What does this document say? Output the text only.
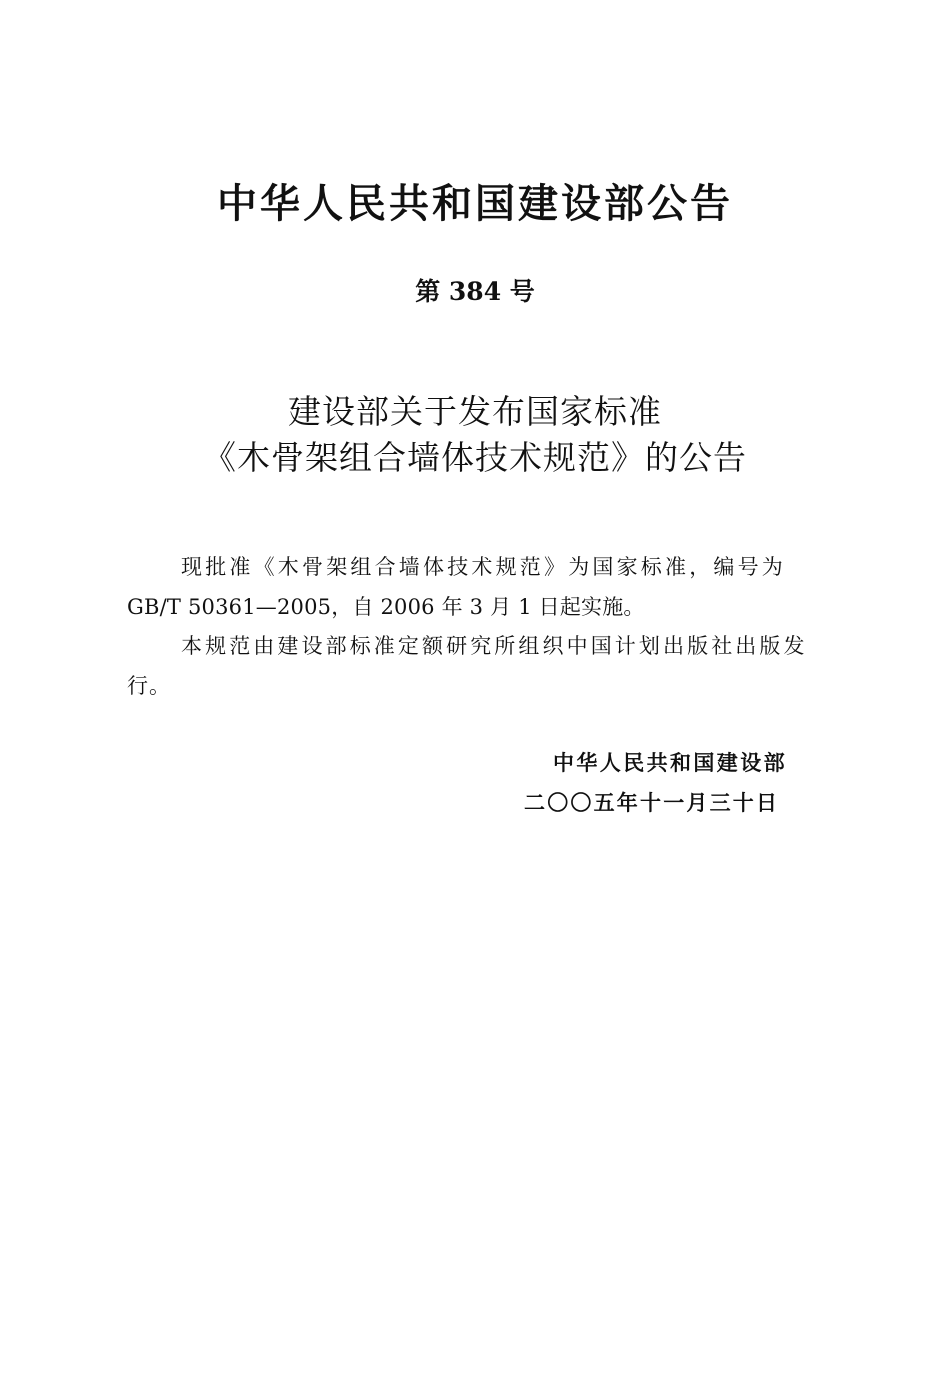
中华人民共和国建设部公告
第 384 号
建设部关于发布国家标准
《木骨架组合墙体技术规范》的公告
现批准《木骨架组合墙体技术规范》为国家标准，编号为
GB/T 50361—2005，自 2006 年 3 月 1 日起实施。
本规范由建设部标准定额研究所组织中国计划出版社出版发
行。
中华人民共和国建设部
二〇〇五年十一月三十日
